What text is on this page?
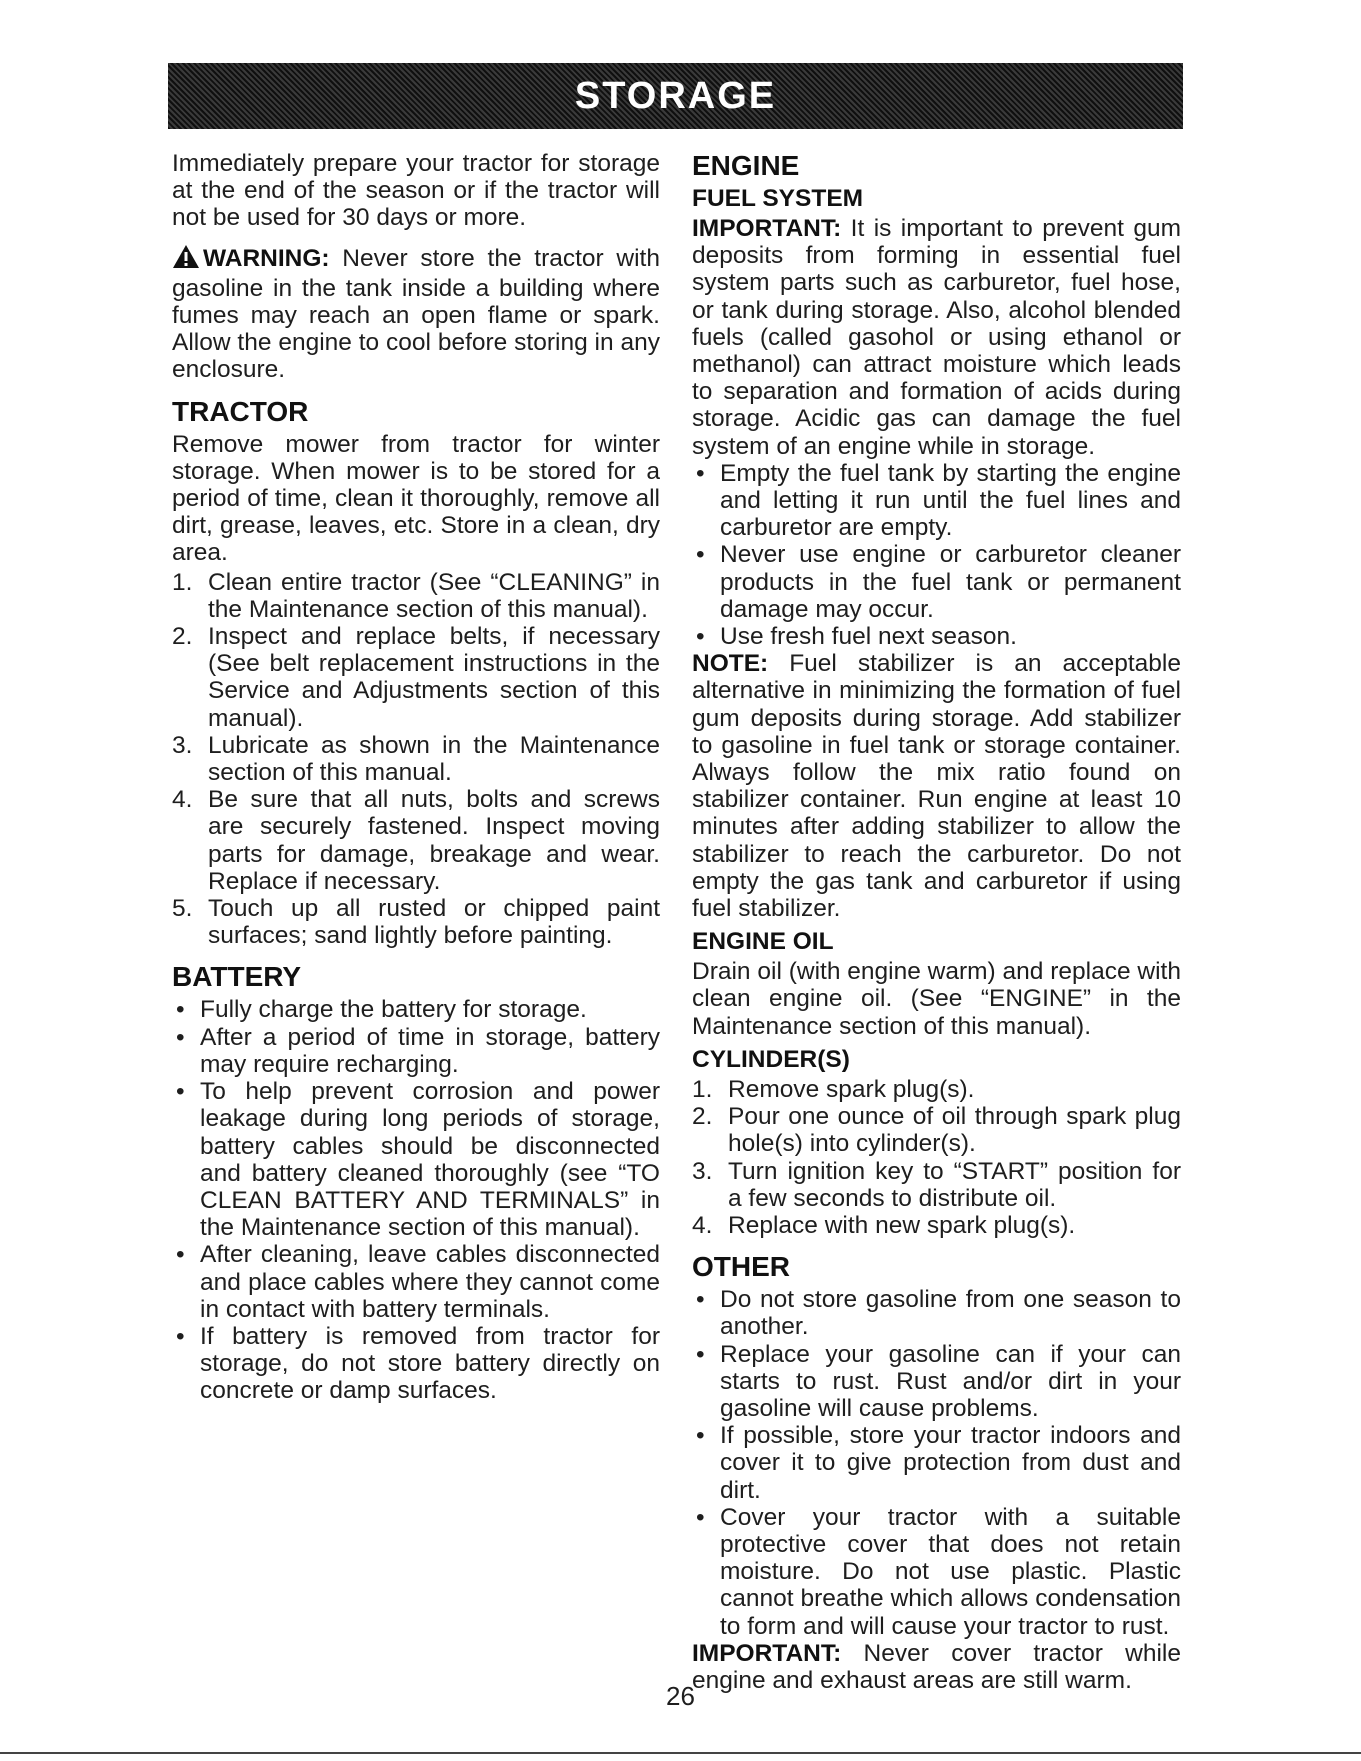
STORAGE

Immediately prepare your tractor for storage at the end of the season or if the tractor will not be used for 30 days or more.

WARNING: Never store the tractor with gasoline in the tank inside a building where fumes may reach an open flame or spark. Allow the engine to cool before storing in any enclosure.

TRACTOR

Remove mower from tractor for winter storage. When mower is to be stored for a period of time, clean it thoroughly, remove all dirt, grease, leaves, etc. Store in a clean, dry area.

1. Clean entire tractor (See “CLEANING” in the Maintenance section of this manual).
2. Inspect and replace belts, if necessary (See belt replacement instructions in the Service and Adjustments section of this manual).
3. Lubricate as shown in the Maintenance section of this manual.
4. Be sure that all nuts, bolts and screws are securely fastened. Inspect moving parts for damage, breakage and wear. Replace if necessary.
5. Touch up all rusted or chipped paint surfaces; sand lightly before painting.
BATTERY
• Fully charge the battery for storage.
• After a period of time in storage, battery may require recharging.
• To help prevent corrosion and power leakage during long periods of storage, battery cables should be disconnected and battery cleaned thoroughly (see “TO CLEAN BATTERY AND TERMINALS” in the Maintenance section of this manual).
• After cleaning, leave cables disconnected and place cables where they cannot come in contact with battery terminals.
• If battery is removed from tractor for storage, do not store battery directly on concrete or damp surfaces.
ENGINE
FUEL SYSTEM

IMPORTANT: It is important to prevent gum deposits from forming in essential fuel system parts such as carburetor, fuel hose, or tank during storage. Also, alcohol blended fuels (called gasohol or using ethanol or methanol) can attract moisture which leads to separation and formation of acids during storage. Acidic gas can damage the fuel system of an engine while in storage.

• Empty the fuel tank by starting the engine and letting it run until the fuel lines and carburetor are empty.
• Never use engine or carburetor cleaner products in the fuel tank or permanent damage may occur.
• Use fresh fuel next season.

NOTE: Fuel stabilizer is an acceptable alternative in minimizing the formation of fuel gum deposits during storage. Add stabilizer to gasoline in fuel tank or storage container. Always follow the mix ratio found on stabilizer container. Run engine at least 10 minutes after adding stabilizer to allow the stabilizer to reach the carburetor. Do not empty the gas tank and carburetor if using fuel stabilizer.

ENGINE OIL

Drain oil (with engine warm) and replace with clean engine oil. (See “ENGINE” in the Maintenance section of this manual).

CYLINDER(S)
1. Remove spark plug(s).
2. Pour one ounce of oil through spark plug hole(s) into cylinder(s).
3. Turn ignition key to “START” position for a few seconds to distribute oil.
4. Replace with new spark plug(s).
OTHER
• Do not store gasoline from one season to another.
• Replace your gasoline can if your can starts to rust. Rust and/or dirt in your gasoline will cause problems.
• If possible, store your tractor indoors and cover it to give protection from dust and dirt.
• Cover your tractor with a suitable protective cover that does not retain moisture. Do not use plastic. Plastic cannot breathe which allows condensation to form and will cause your tractor to rust.

IMPORTANT: Never cover tractor while engine and exhaust areas are still warm.

26
